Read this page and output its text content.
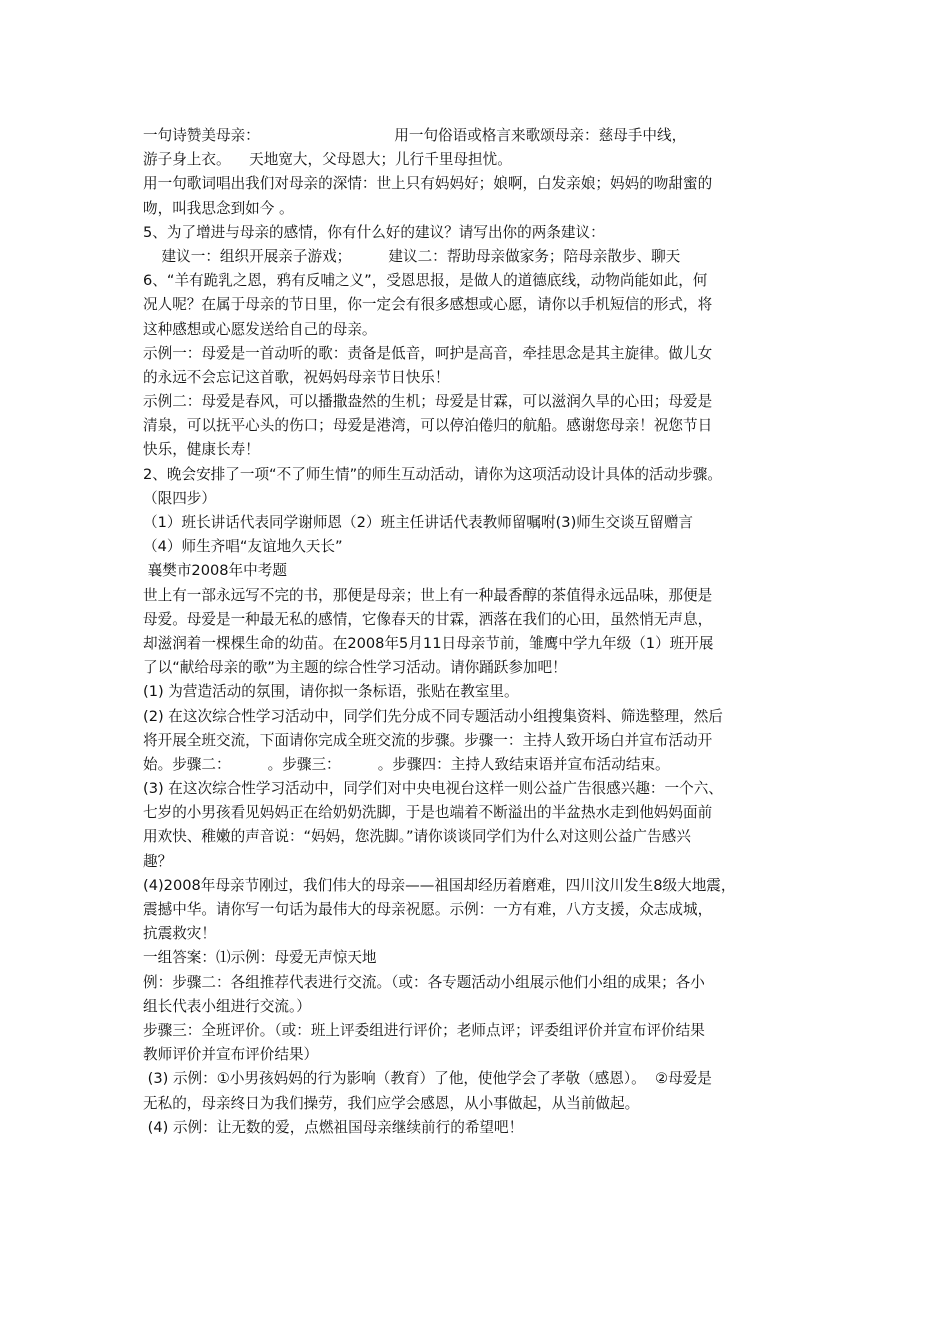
一句诗赞美母亲：                             用一句俗语或格言来歌颂母亲：慈母手中线，
游子身上衣。    天地宽大，父母恩大；儿行千里母担忧。
用一句歌词唱出我们对母亲的深情：世上只有妈妈好；娘啊，白发亲娘；妈妈的吻甜蜜的
吻，叫我思念到如今 。
5、为了增进与母亲的感情，你有什么好的建议？请写出你的两条建议：
建议一：组织开展亲子游戏；        建议二：帮助母亲做家务；陪母亲散步、聊天
6、“羊有跪乳之恩，鸦有反哺之义”，受恩思报，是做人的道德底线，动物尚能如此，何
况人呢？在属于母亲的节日里，你一定会有很多感想或心愿，请你以手机短信的形式，将
这种感想或心愿发送给自己的母亲。
示例一：母爱是一首动听的歌：责备是低音，呵护是高音，牵挂思念是其主旋律。做儿女
的永远不会忘记这首歌，祝妈妈母亲节日快乐！
示例二：母爱是春风，可以播撒盎然的生机；母爱是甘霖，可以滋润久旱的心田；母爱是
清泉，可以抚平心头的伤口；母爱是港湾，可以停泊倦归的航船。感谢您母亲！祝您节日
快乐，健康长寿！
2、晚会安排了一项“不了师生情”的师生互动活动，请你为这项活动设计具体的活动步骤。
（限四步）
（1）班长讲话代表同学谢师恩（2）班主任讲话代表教师留嘱咐(3)师生交谈互留赠言
（4）师生齐唱“友谊地久天长”
襄樊市2008年中考题
世上有一部永远写不完的书，那便是母亲；世上有一种最香醇的茶值得永远品味，那便是
母爱。母爱是一种最无私的感情，它像春天的甘霖，洒落在我们的心田，虽然悄无声息，
却滋润着一棵棵生命的幼苗。在2008年5月11日母亲节前，雏鹰中学九年级（1）班开展
了以“献给母亲的歌”为主题的综合性学习活动。请你踊跃参加吧！
(1) 为营造活动的氛围，请你拟一条标语，张贴在教室里。
(2) 在这次综合性学习活动中，同学们先分成不同专题活动小组搜集资料、筛选整理，然后
将开展全班交流，下面请你完成全班交流的步骤。步骤一：主持人致开场白并宣布活动开
始。步骤二：        。步骤三：        。步骤四：主持人致结束语并宣布活动结束。
(3) 在这次综合性学习活动中，同学们对中央电视台这样一则公益广告很感兴趣：一个六、
七岁的小男孩看见妈妈正在给奶奶洗脚，于是也端着不断溢出的半盆热水走到他妈妈面前
用欢快、稚嫩的声音说：“妈妈，您洗脚。”请你谈谈同学们为什么对这则公益广告感兴
趣？
(4)2008年母亲节刚过，我们伟大的母亲——祖国却经历着磨难，四川汶川发生8级大地震，
震撼中华。请你写一句话为最伟大的母亲祝愿。示例：一方有难，八方支援，众志成城，
抗震救灾！
一组答案：⑴示例：母爱无声惊天地
例：步骤二：各组推荐代表进行交流。（或：各专题活动小组展示他们小组的成果；各小
组长代表小组进行交流。）
步骤三：全班评价。（或：班上评委组进行评价；老师点评；评委组评价并宣布评价结果
教师评价并宣布评价结果）
(3) 示例：①小男孩妈妈的行为影响（教育）了他，使他学会了孝敬（感恩）。  ②母爱是
无私的，母亲终日为我们操劳，我们应学会感恩，从小事做起，从当前做起。
(4) 示例：让无数的爱，点燃祖国母亲继续前行的希望吧！
